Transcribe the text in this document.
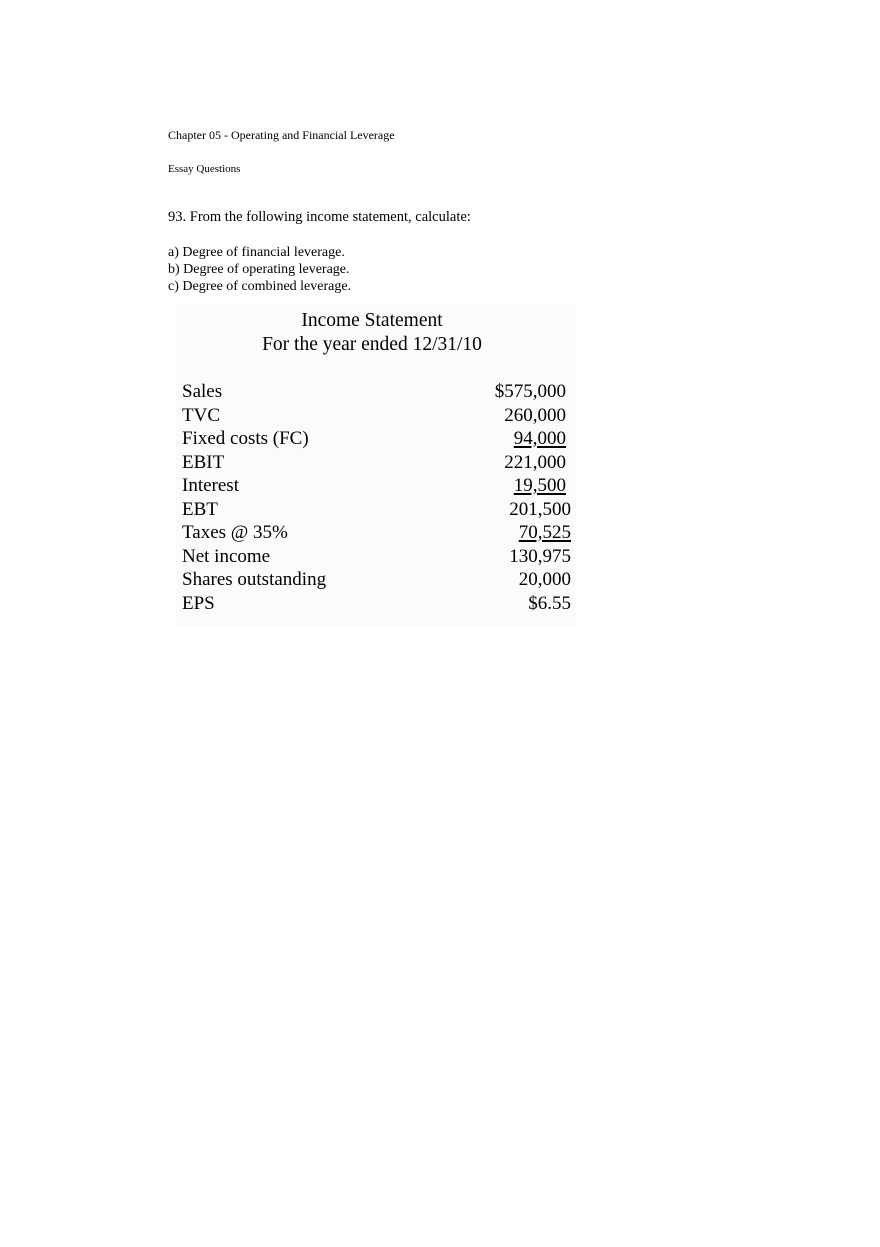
Chapter 05 - Operating and Financial Leverage
Essay Questions
93. From the following income statement, calculate:
a) Degree of financial leverage.
b) Degree of operating leverage.
c) Degree of combined leverage.
Income Statement
For the year ended 12/31/10
Sales	$575,000
TVC	260,000
Fixed costs (FC)	94,000
EBIT	221,000
Interest	19,500
EBT	201,500
Taxes @ 35%	70,525
Net income	130,975
Shares outstanding	20,000
EPS	$6.55
